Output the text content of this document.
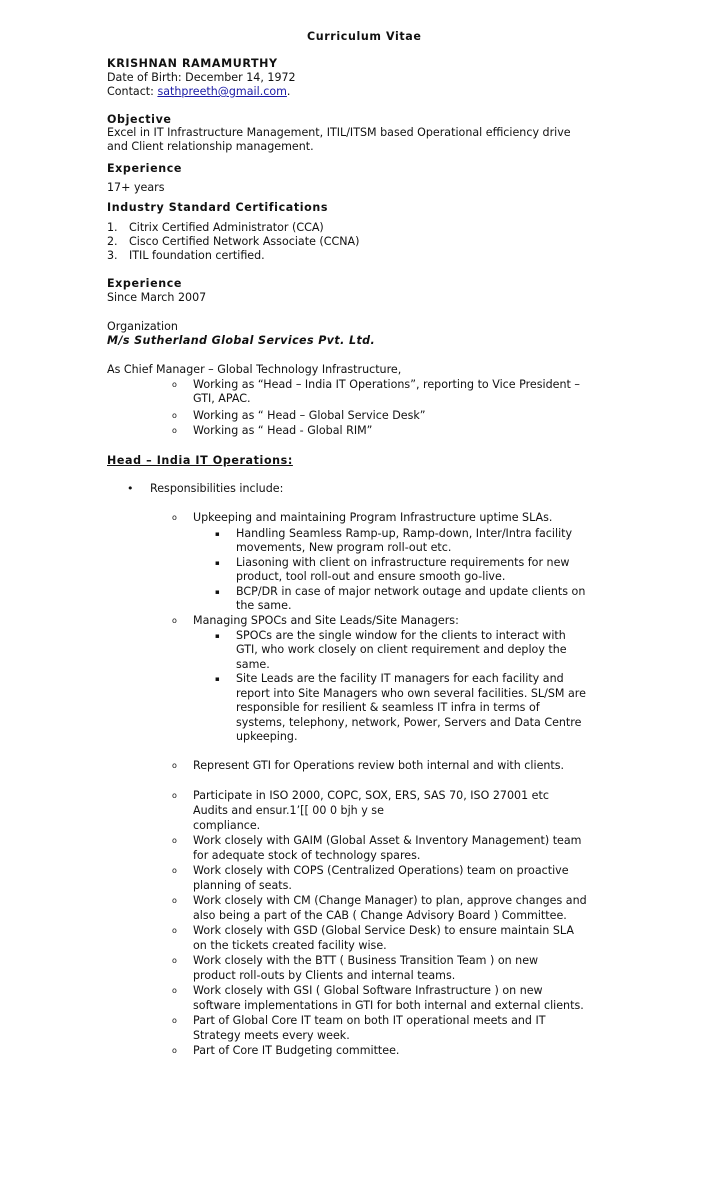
Curriculum Vitae
KRISHNAN RAMAMURTHY
Date of Birth: December 14, 1972
Contact: sathpreeth@gmail.com.
Objective
Excel in IT Infrastructure Management, ITIL/ITSM based Operational efficiency drive
and Client relationship management.
Experience
17+ years
Industry Standard Certifications
1. Citrix Certified Administrator (CCA)
2. Cisco Certified Network Associate (CCNA)
3. ITIL foundation certified.
Experience
Since March 2007
Organization
M/s Sutherland Global Services Pvt. Ltd.
As Chief Manager – Global Technology Infrastructure,
o Working as “Head – India IT Operations”, reporting to Vice President –
GTI, APAC.
o Working as “ Head – Global Service Desk”
o Working as “ Head - Global RIM”
Head – India IT Operations:
• Responsibilities include:
o Upkeeping and maintaining Program Infrastructure uptime SLAs.
▪ Handling Seamless Ramp-up, Ramp-down, Inter/Intra facility
movements, New program roll-out etc.
▪ Liasoning with client on infrastructure requirements for new
product, tool roll-out and ensure smooth go-live.
▪ BCP/DR in case of major network outage and update clients on
the same.
o Managing SPOCs and Site Leads/Site Managers:
▪ SPOCs are the single window for the clients to interact with
GTI, who work closely on client requirement and deploy the
same.
▪ Site Leads are the facility IT managers for each facility and
report into Site Managers who own several facilities. SL/SM are
responsible for resilient & seamless IT infra in terms of
systems, telephony, network, Power, Servers and Data Centre
upkeeping.
o Represent GTI for Operations review both internal and with clients.
o Participate in ISO 2000, COPC, SOX, ERS, SAS 70, ISO 27001 etc
Audits and ensur.1’[[ 00 0 bjh y se
compliance.
o Work closely with GAIM (Global Asset & Inventory Management) team
for adequate stock of technology spares.
o Work closely with COPS (Centralized Operations) team on proactive
planning of seats.
o Work closely with CM (Change Manager) to plan, approve changes and
also being a part of the CAB ( Change Advisory Board ) Committee.
o Work closely with GSD (Global Service Desk) to ensure maintain SLA
on the tickets created facility wise.
o Work closely with the BTT ( Business Transition Team ) on new
product roll-outs by Clients and internal teams.
o Work closely with GSI ( Global Software Infrastructure ) on new
software implementations in GTI for both internal and external clients.
o Part of Global Core IT team on both IT operational meets and IT
Strategy meets every week.
o Part of Core IT Budgeting committee.
